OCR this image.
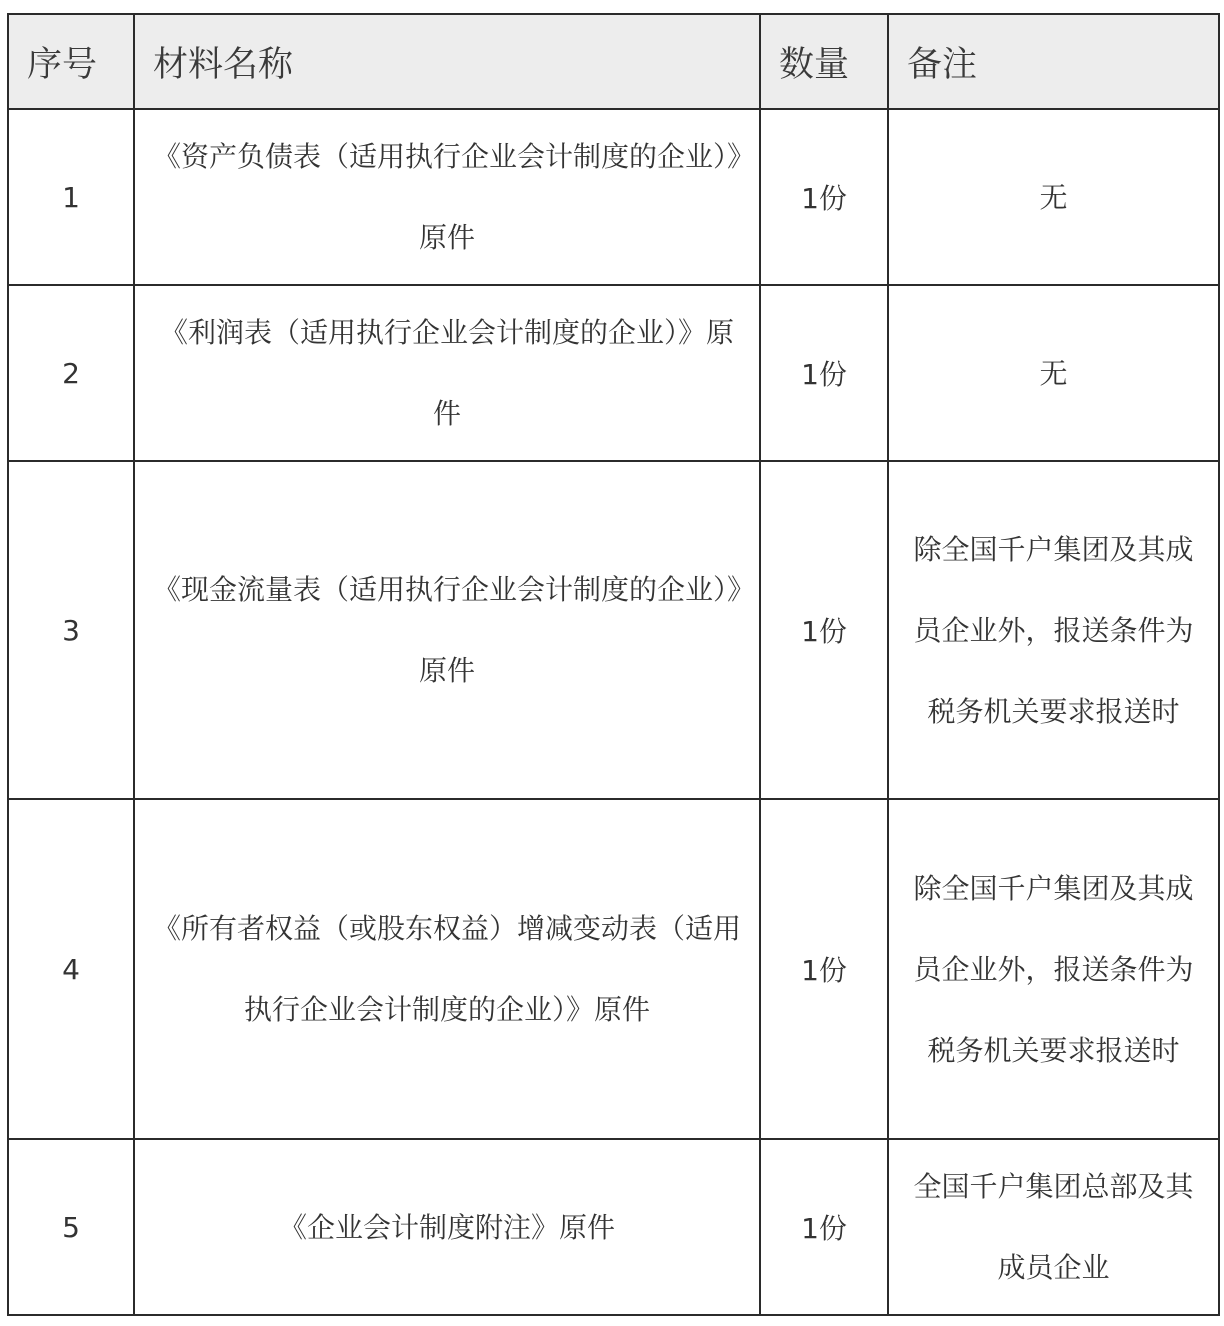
序号	材料名称	数量	备注
1	《资产负债表（适用执行企业会计制度的企业）》原件	1份	无
2	《利润表（适用执行企业会计制度的企业）》原件	1份	无
3	《现金流量表（适用执行企业会计制度的企业）》原件	1份	除全国千户集团及其成员企业外，报送条件为税务机关要求报送时
4	《所有者权益（或股东权益）增减变动表（适用执行企业会计制度的企业）》原件	1份	除全国千户集团及其成员企业外，报送条件为税务机关要求报送时
5	《企业会计制度附注》原件	1份	全国千户集团总部及其成员企业
